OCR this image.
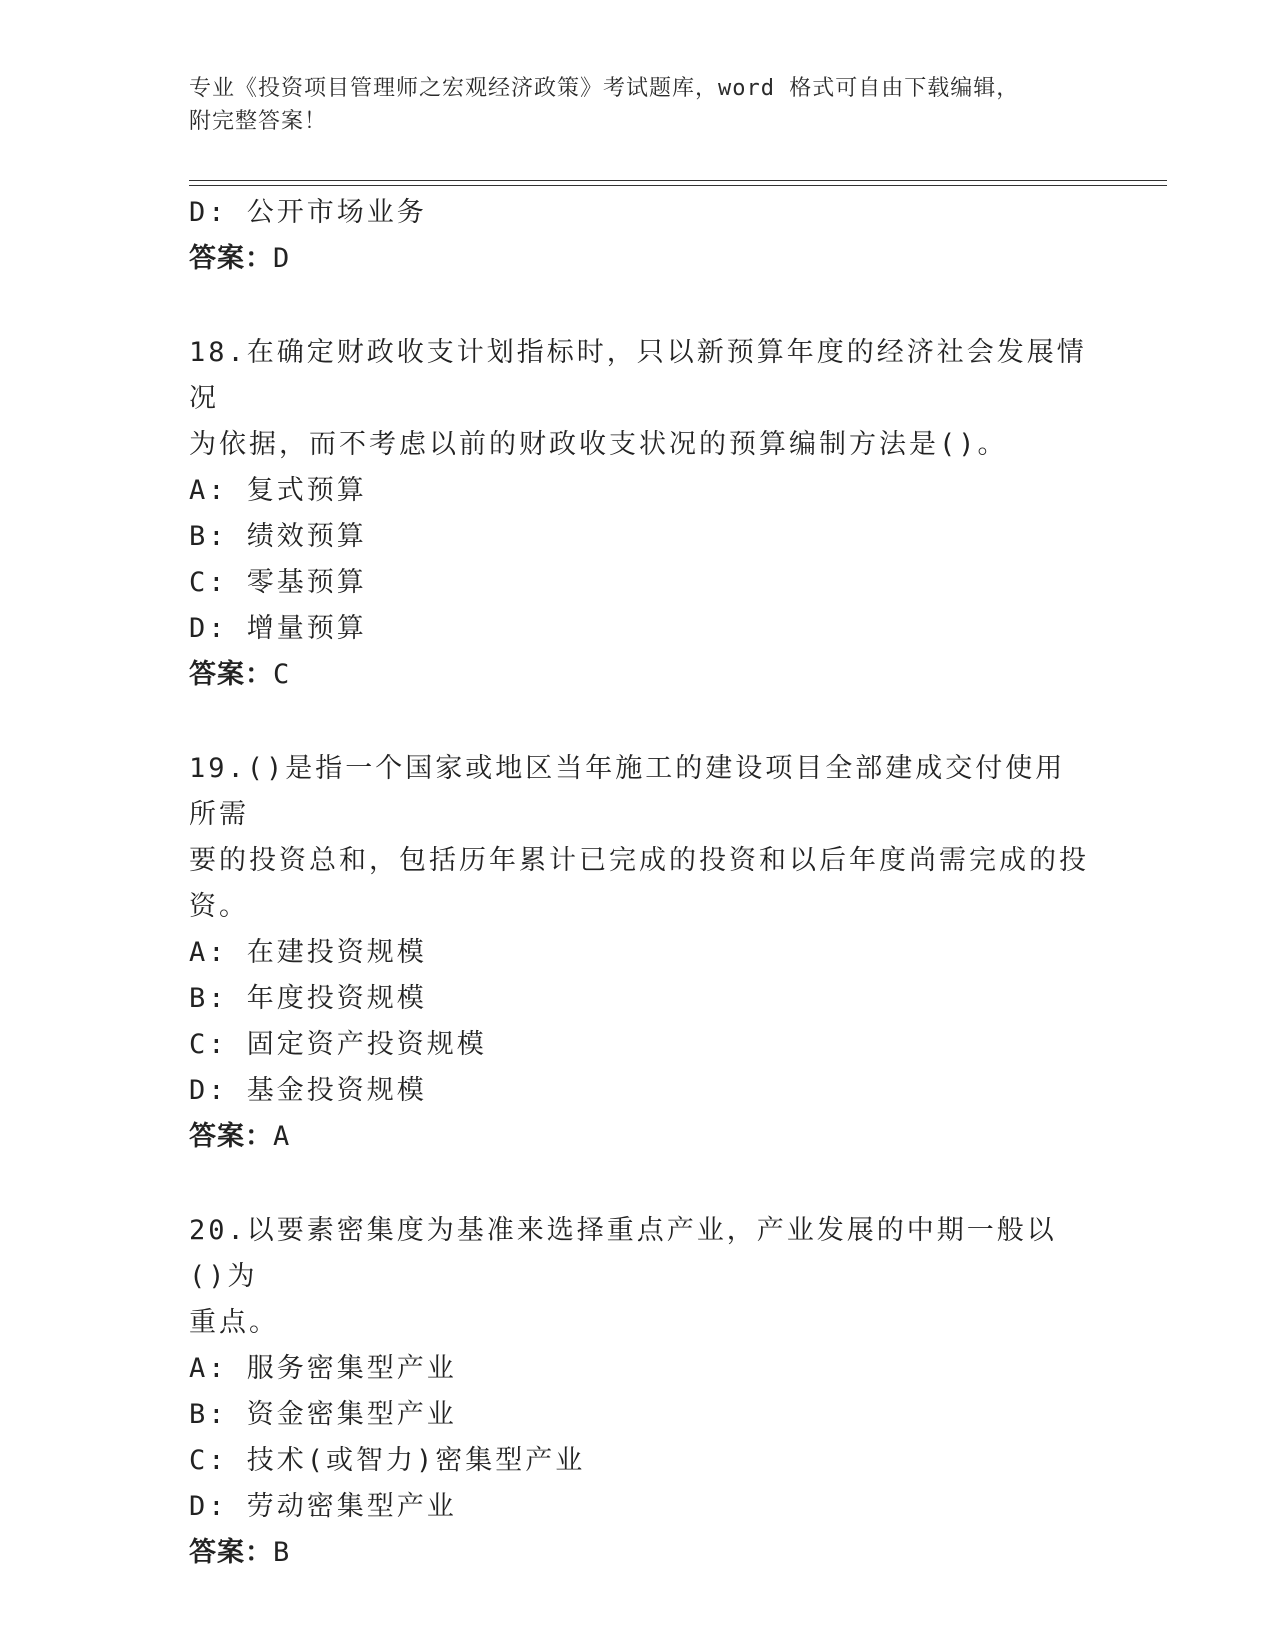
专业《投资项目管理师之宏观经济政策》考试题库，word 格式可自由下载编辑，
附完整答案！
D: 公开市场业务
答案：D
18.在确定财政收支计划指标时，只以新预算年度的经济社会发展情况
为依据，而不考虑以前的财政收支状况的预算编制方法是()。
A: 复式预算
B: 绩效预算
C: 零基预算
D: 增量预算
答案：C
19.()是指一个国家或地区当年施工的建设项目全部建成交付使用所需
要的投资总和，包括历年累计已完成的投资和以后年度尚需完成的投
资。
A: 在建投资规模
B: 年度投资规模
C: 固定资产投资规模
D: 基金投资规模
答案：A
20.以要素密集度为基准来选择重点产业，产业发展的中期一般以()为
重点。
A: 服务密集型产业
B: 资金密集型产业
C: 技术(或智力)密集型产业
D: 劳动密集型产业
答案：B
